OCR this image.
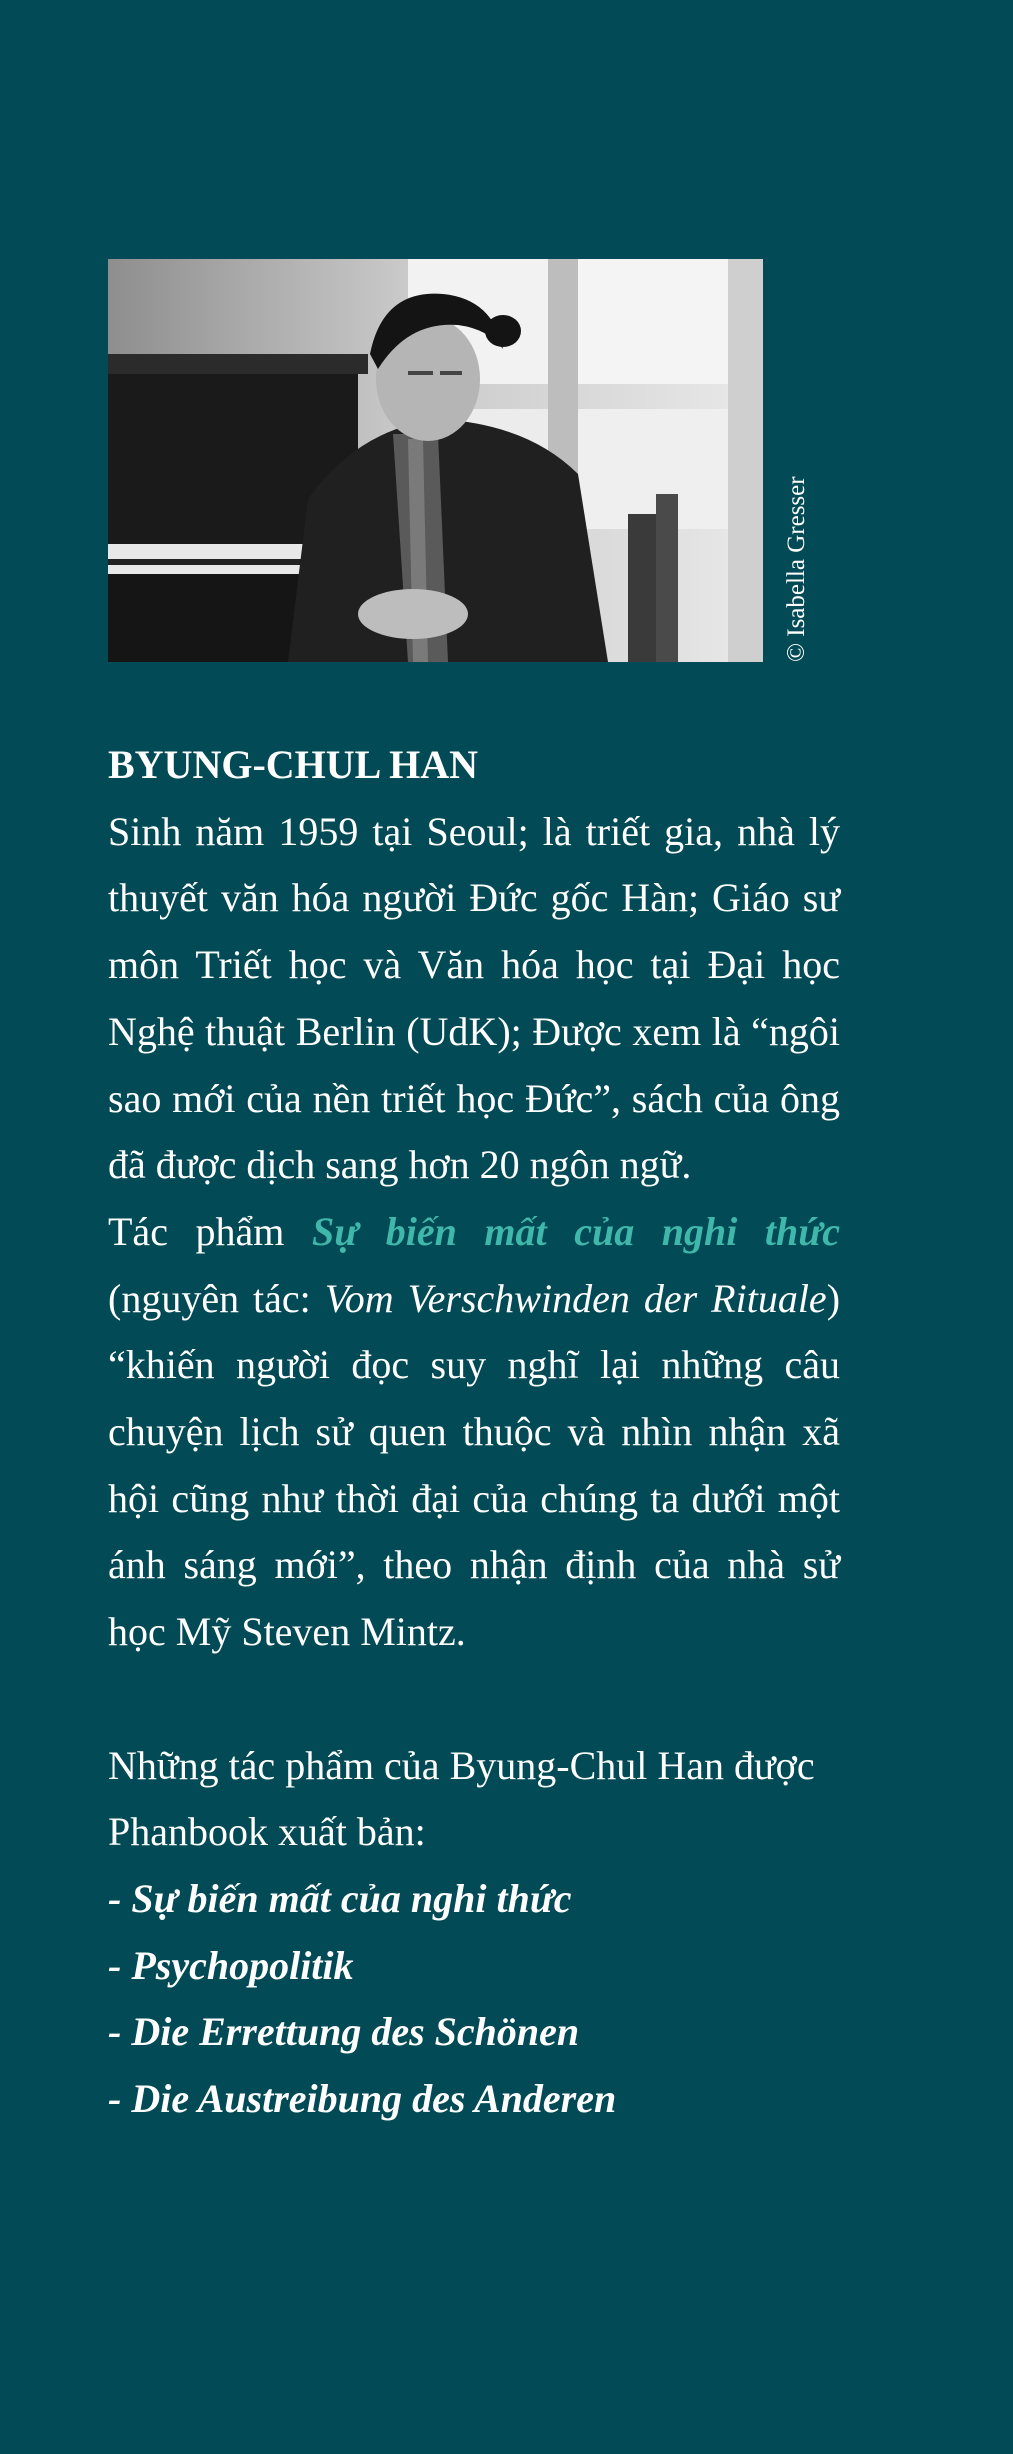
© Isabella Gresser
BYUNG-CHUL HAN

Sinh năm 1959 tại Seoul; là triết gia, nhà lý thuyết văn hóa người Đức gốc Hàn; Giáo sư môn Triết học và Văn hóa học tại Đại học Nghệ thuật Berlin (UdK); Được xem là “ngôi sao mới của nền triết học Đức”, sách của ông đã được dịch sang hơn 20 ngôn ngữ.

Tác phẩm Sự biến mất của nghi thức (nguyên tác: Vom Verschwinden der Rituale) “khiến người đọc suy nghĩ lại những câu chuyện lịch sử quen thuộc và nhìn nhận xã hội cũng như thời đại của chúng ta dưới một ánh sáng mới”, theo nhận định của nhà sử học Mỹ Steven Mintz.

Những tác phẩm của Byung-Chul Han được Phanbook xuất bản:

- Sự biến mất của nghi thức
- Psychopolitik
- Die Errettung des Schönen
- Die Austreibung des Anderen
